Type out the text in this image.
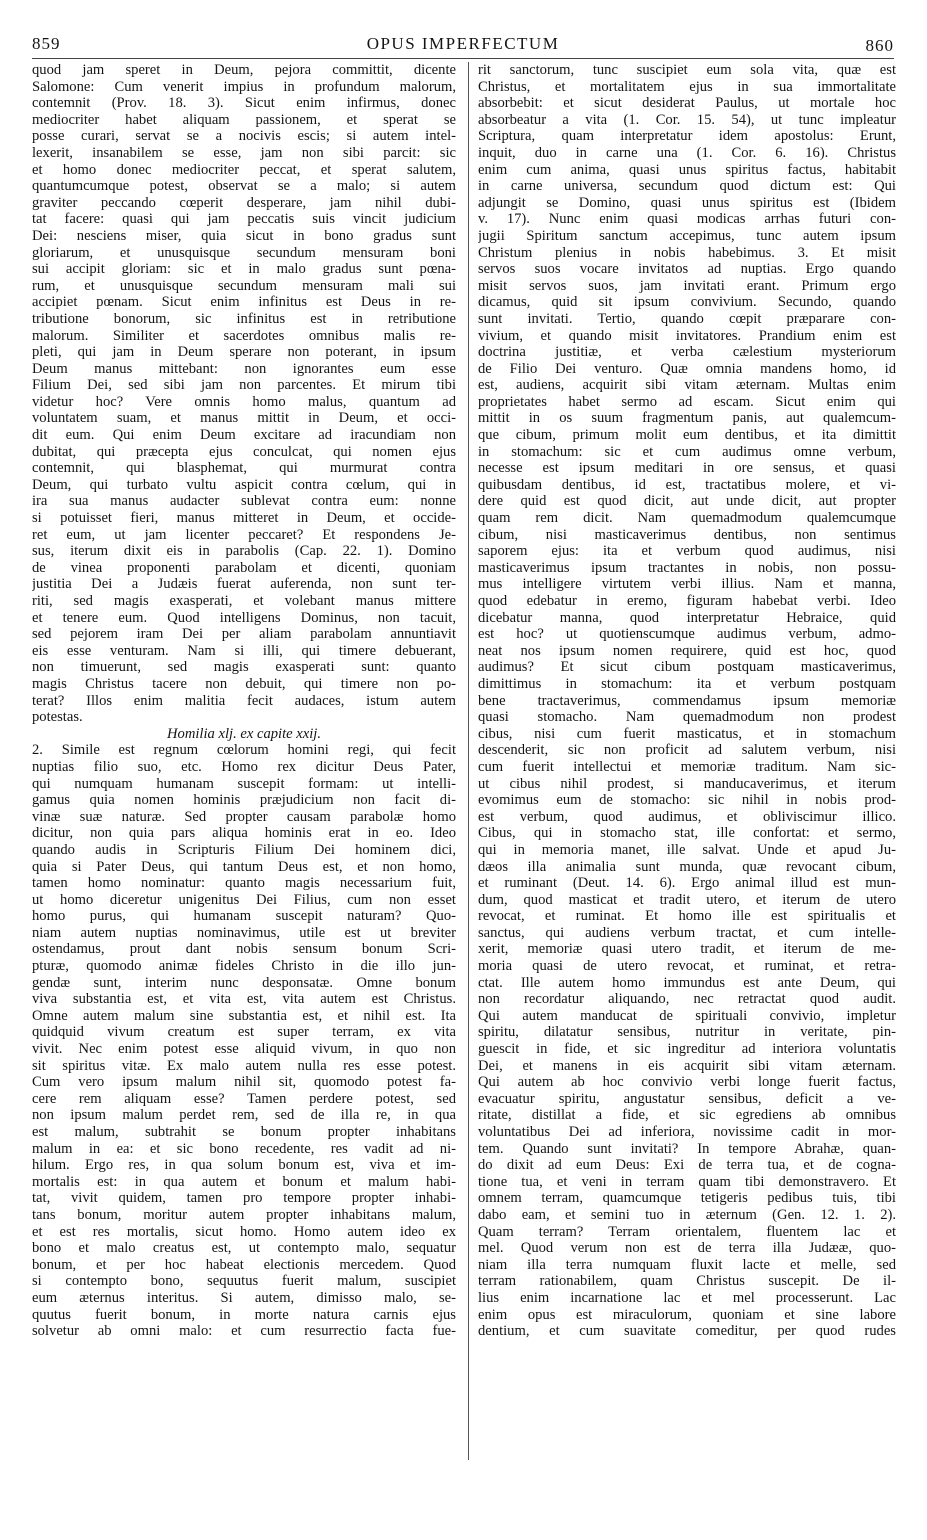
859	OPUS IMPERFECTUM	860
quod jam speret in Deum, pejora committit, dicente
Salomone: Cum venerit impius in profundum malorum,
contemnit (Prov. 18. 3). Sicut enim infirmus, donec
mediocriter habet aliquam passionem, et sperat se
posse curari, servat se a nocivis escis; si autem intel-
lexerit, insanabilem se esse, jam non sibi parcit: sic
et homo donec mediocriter peccat, et sperat salutem,
quantumcumque potest, observat se a malo; si autem
graviter peccando cœperit desperare, jam nihil dubi-
tat facere: quasi qui jam peccatis suis vincit judicium
Dei: nesciens miser, quia sicut in bono gradus sunt
gloriarum, et unusquisque secundum mensuram boni
sui accipit gloriam: sic et in malo gradus sunt pœna-
rum, et unusquisque secundum mensuram mali sui
accipiet pœnam. Sicut enim infinitus est Deus in re-
tributione bonorum, sic infinitus est in retributione
malorum. Similiter et sacerdotes omnibus malis re-
pleti, qui jam in Deum sperare non poterant, in ipsum
Deum manus mittebant: non ignorantes eum esse
Filium Dei, sed sibi jam non parcentes. Et mirum tibi
videtur hoc? Vere omnis homo malus, quantum ad
voluntatem suam, et manus mittit in Deum, et occi-
dit eum. Qui enim Deum excitare ad iracundiam non
dubitat, qui præcepta ejus conculcat, qui nomen ejus
contemnit, qui blasphemat, qui murmurat contra
Deum, qui turbato vultu aspicit contra cœlum, qui in
ira sua manus audacter sublevat contra eum: nonne
si potuisset fieri, manus mitteret in Deum, et occide-
ret eum, ut jam licenter peccaret? Et respondens Je-
sus, iterum dixit eis in parabolis (Cap. 22. 1). Domino
de vinea proponenti parabolam et dicenti, quoniam
justitia Dei a Judæis fuerat auferenda, non sunt ter-
riti, sed magis exasperati, et volebant manus mittere
et tenere eum. Quod intelligens Dominus, non tacuit,
sed pejorem iram Dei per aliam parabolam annuntiavit
eis esse venturam. Nam si illi, qui timere debuerant,
non timuerunt, sed magis exasperati sunt: quanto
magis Christus tacere non debuit, qui timere non po-
terat? Illos enim malitia fecit audaces, istum autem
potestas.
Homilia xlj. ex capite xxij.
2. Simile est regnum cœlorum homini regi, qui fecit
nuptias filio suo, etc. Homo rex dicitur Deus Pater,
qui numquam humanam suscepit formam: ut intelli-
gamus quia nomen hominis præjudicium non facit di-
vinæ suæ naturæ. Sed propter causam parabolæ homo
dicitur, non quia pars aliqua hominis erat in eo. Ideo
quando audis in Scripturis Filium Dei hominem dici,
quia si Pater Deus, qui tantum Deus est, et non homo,
tamen homo nominatur: quanto magis necessarium fuit,
ut homo diceretur unigenitus Dei Filius, cum non esset
homo purus, qui humanam suscepit naturam? Quo-
niam autem nuptias nominavimus, utile est ut breviter
ostendamus, prout dant nobis sensum bonum Scri-
pturæ, quomodo animæ fideles Christo in die illo jun-
gendæ sunt, interim nunc desponsatæ. Omne bonum
viva substantia est, et vita est, vita autem est Christus.
Omne autem malum sine substantia est, et nihil est. Ita
quidquid vivum creatum est super terram, ex vita
vivit. Nec enim potest esse aliquid vivum, in quo non
sit spiritus vitæ. Ex malo autem nulla res esse potest.
Cum vero ipsum malum nihil sit, quomodo potest fa-
cere rem aliquam esse? Tamen perdere potest, sed
non ipsum malum perdet rem, sed de illa re, in qua
est malum, subtrahit se bonum propter inhabitans
malum in ea: et sic bono recedente, res vadit ad ni-
hilum. Ergo res, in qua solum bonum est, viva et im-
mortalis est: in qua autem et bonum et malum habi-
tat, vivit quidem, tamen pro tempore propter inhabi-
tans bonum, moritur autem propter inhabitans malum,
et est res mortalis, sicut homo. Homo autem ideo ex
bono et malo creatus est, ut contempto malo, sequatur
bonum, et per hoc habeat electionis mercedem. Quod
si contempto bono, sequutus fuerit malum, suscipiet
eum æternus interitus. Si autem, dimisso malo, se-
quutus fuerit bonum, in morte natura carnis ejus
solvetur ab omni malo: et cum resurrectio facta fue-
rit sanctorum, tunc suscipiet eum sola vita, quæ est
Christus, et mortalitatem ejus in sua immortalitate
absorbebit: et sicut desiderat Paulus, ut mortale hoc
absorbeatur a vita (1. Cor. 15. 54), ut tunc impleatur
Scriptura, quam interpretatur idem apostolus: Erunt,
inquit, duo in carne una (1. Cor. 6. 16). Christus
enim cum anima, quasi unus spiritus factus, habitabit
in carne universa, secundum quod dictum est: Qui
adjungit se Domino, quasi unus spiritus est (Ibidem
v. 17). Nunc enim quasi modicas arrhas futuri con-
jugii Spiritum sanctum accepimus, tunc autem ipsum
Christum plenius in nobis habebimus. 3. Et misit
servos suos vocare invitatos ad nuptias. Ergo quando
misit servos suos, jam invitati erant. Primum ergo
dicamus, quid sit ipsum convivium. Secundo, quando
sunt invitati. Tertio, quando cœpit præparare con-
vivium, et quando misit invitatores. Prandium enim est
doctrina justitiæ, et verba cælestium mysteriorum
de Filio Dei venturo. Quæ omnia mandens homo, id
est, audiens, acquirit sibi vitam æternam. Multas enim
proprietates habet sermo ad escam. Sicut enim qui
mittit in os suum fragmentum panis, aut qualemcum-
que cibum, primum molit eum dentibus, et ita dimittit
in stomachum: sic et cum audimus omne verbum,
necesse est ipsum meditari in ore sensus, et quasi
quibusdam dentibus, id est, tractatibus molere, et vi-
dere quid est quod dicit, aut unde dicit, aut propter
quam rem dicit. Nam quemadmodum qualemcumque
cibum, nisi masticaverimus dentibus, non sentimus
saporem ejus: ita et verbum quod audimus, nisi
masticaverimus ipsum tractantes in nobis, non possu-
mus intelligere virtutem verbi illius. Nam et manna,
quod edebatur in eremo, figuram habebat verbi. Ideo
dicebatur manna, quod interpretatur Hebraice, quid
est hoc? ut quotienscumque audimus verbum, admo-
neat nos ipsum nomen requirere, quid est hoc, quod
audimus? Et sicut cibum postquam masticaverimus,
dimittimus in stomachum: ita et verbum postquam
bene tractaverimus, commendamus ipsum memoriæ
quasi stomacho. Nam quemadmodum non prodest
cibus, nisi cum fuerit masticatus, et in stomachum
descenderit, sic non proficit ad salutem verbum, nisi
cum fuerit intellectui et memoriæ traditum. Nam sic-
ut cibus nihil prodest, si manducaverimus, et iterum
evomimus eum de stomacho: sic nihil in nobis prod-
est verbum, quod audimus, et obliviscimur illico.
Cibus, qui in stomacho stat, ille confortat: et sermo,
qui in memoria manet, ille salvat. Unde et apud Ju-
dæos illa animalia sunt munda, quæ revocant cibum,
et ruminant (Deut. 14. 6). Ergo animal illud est mun-
dum, quod masticat et tradit utero, et iterum de utero
revocat, et ruminat. Et homo ille est spiritualis et
sanctus, qui audiens verbum tractat, et cum intelle-
xerit, memoriæ quasi utero tradit, et iterum de me-
moria quasi de utero revocat, et ruminat, et retra-
ctat. Ille autem homo immundus est ante Deum, qui
non recordatur aliquando, nec retractat quod audit.
Qui autem manducat de spirituali convivio, impletur
spiritu, dilatatur sensibus, nutritur in veritate, pin-
guescit in fide, et sic ingreditur ad interiora voluntatis
Dei, et manens in eis acquirit sibi vitam æternam.
Qui autem ab hoc convivio verbi longe fuerit factus,
evacuatur spiritu, angustatur sensibus, deficit a ve-
ritate, distillat a fide, et sic egrediens ab omnibus
voluntatibus Dei ad inferiora, novissime cadit in mor-
tem. Quando sunt invitati? In tempore Abrahæ, quan-
do dixit ad eum Deus: Exi de terra tua, et de cogna-
tione tua, et veni in terram quam tibi demonstravero. Et
omnem terram, quamcumque tetigeris pedibus tuis, tibi
dabo eam, et semini tuo in æternum (Gen. 12. 1. 2).
Quam terram? Terram orientalem, fluentem lac et
mel. Quod verum non est de terra illa Judææ, quo-
niam illa terra numquam fluxit lacte et melle, sed
terram rationabilem, quam Christus suscepit. De il-
lius enim incarnatione lac et mel processerunt. Lac
enim opus est miraculorum, quoniam et sine labore
dentium, et cum suavitate comeditur, per quod rudes
